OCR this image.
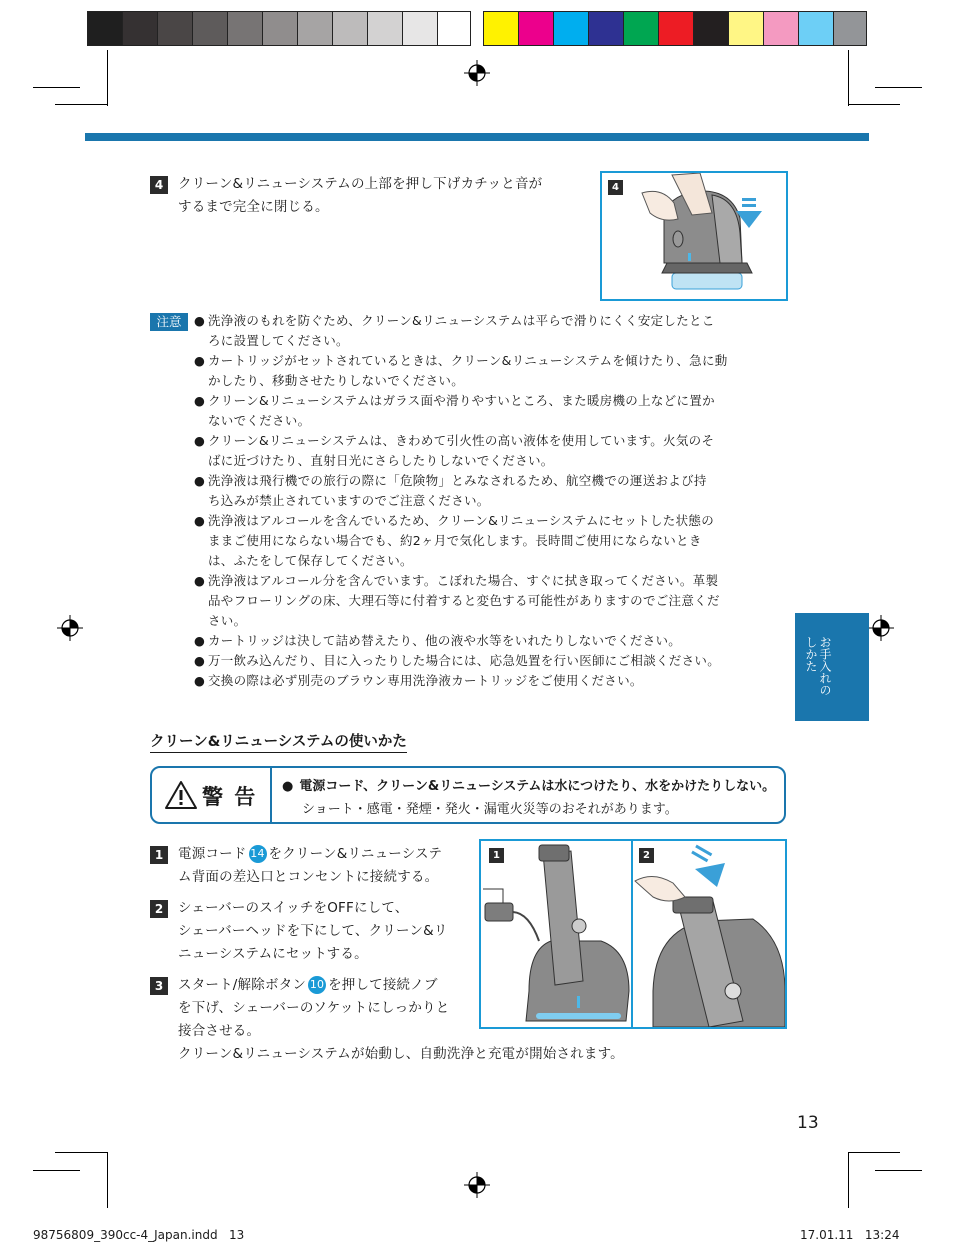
4	クリーン&リニューシステムの上部を押し下げカチッと音が
するまで完全に閉じる。
4
注意	● 洗浄液のもれを防ぐため、クリーン&リニューシステムは平らで滑りにくく安定したとこ
ろに設置してください。
● カートリッジがセットされているときは、クリーン&リニューシステムを傾けたり、急に動
かしたり、移動させたりしないでください。
● クリーン&リニューシステムはガラス面や滑りやすいところ、また暖房機の上などに置か
ないでください。
● クリーン&リニューシステムは、きわめて引火性の高い液体を使用しています。火気のそ
ばに近づけたり、直射日光にさらしたりしないでください。
● 洗浄液は飛行機での旅行の際に「危険物」とみなされるため、航空機での運送および持
ち込みが禁止されていますのでご注意ください。
● 洗浄液はアルコールを含んでいるため、クリーン&リニューシステムにセットした状態の
ままご使用にならない場合でも、約2ヶ月で気化します。長時間ご使用にならないとき
は、ふたをして保存してください。
● 洗浄液はアルコール分を含んでいます。こぼれた場合、すぐに拭き取ってください。革製
品やフローリングの床、大理石等に付着すると変色する可能性がありますのでご注意くだ
さい。
● カートリッジは決して詰め替えたり、他の液や水等をいれたりしないでください。
● 万一飲み込んだり、目に入ったりした場合には、応急処置を行い医師にご相談ください。
● 交換の際は必ず別売のブラウン専用洗浄液カートリッジをご使用ください。	お手入れの
しかた
クリーン&リニューシステムの使いかた
警 告 ● 電源コード、クリーン&リニューシステムは水につけたり、水をかけたりしない。
ショート・感電・発煙・発火・漏電火災等のおそれがあります。
1	電源コード 14 をクリーン&リニューシステ
ム背面の差込口とコンセントに接続する。
2	シェーバーのスイッチをOFFにして、
シェーバーヘッドを下にして、クリーン&リ
ニューシステムにセットする。
3	スタート/解除ボタン 10 を押して接続ノブ
を下げ、シェーバーのソケットにしっかりと
接合させる。
クリーン&リニューシステムが始動し、自動洗浄と充電が開始されます。
1	2
13
98756809_390cc-4_Japan.indd   13	17.01.11   13:24
